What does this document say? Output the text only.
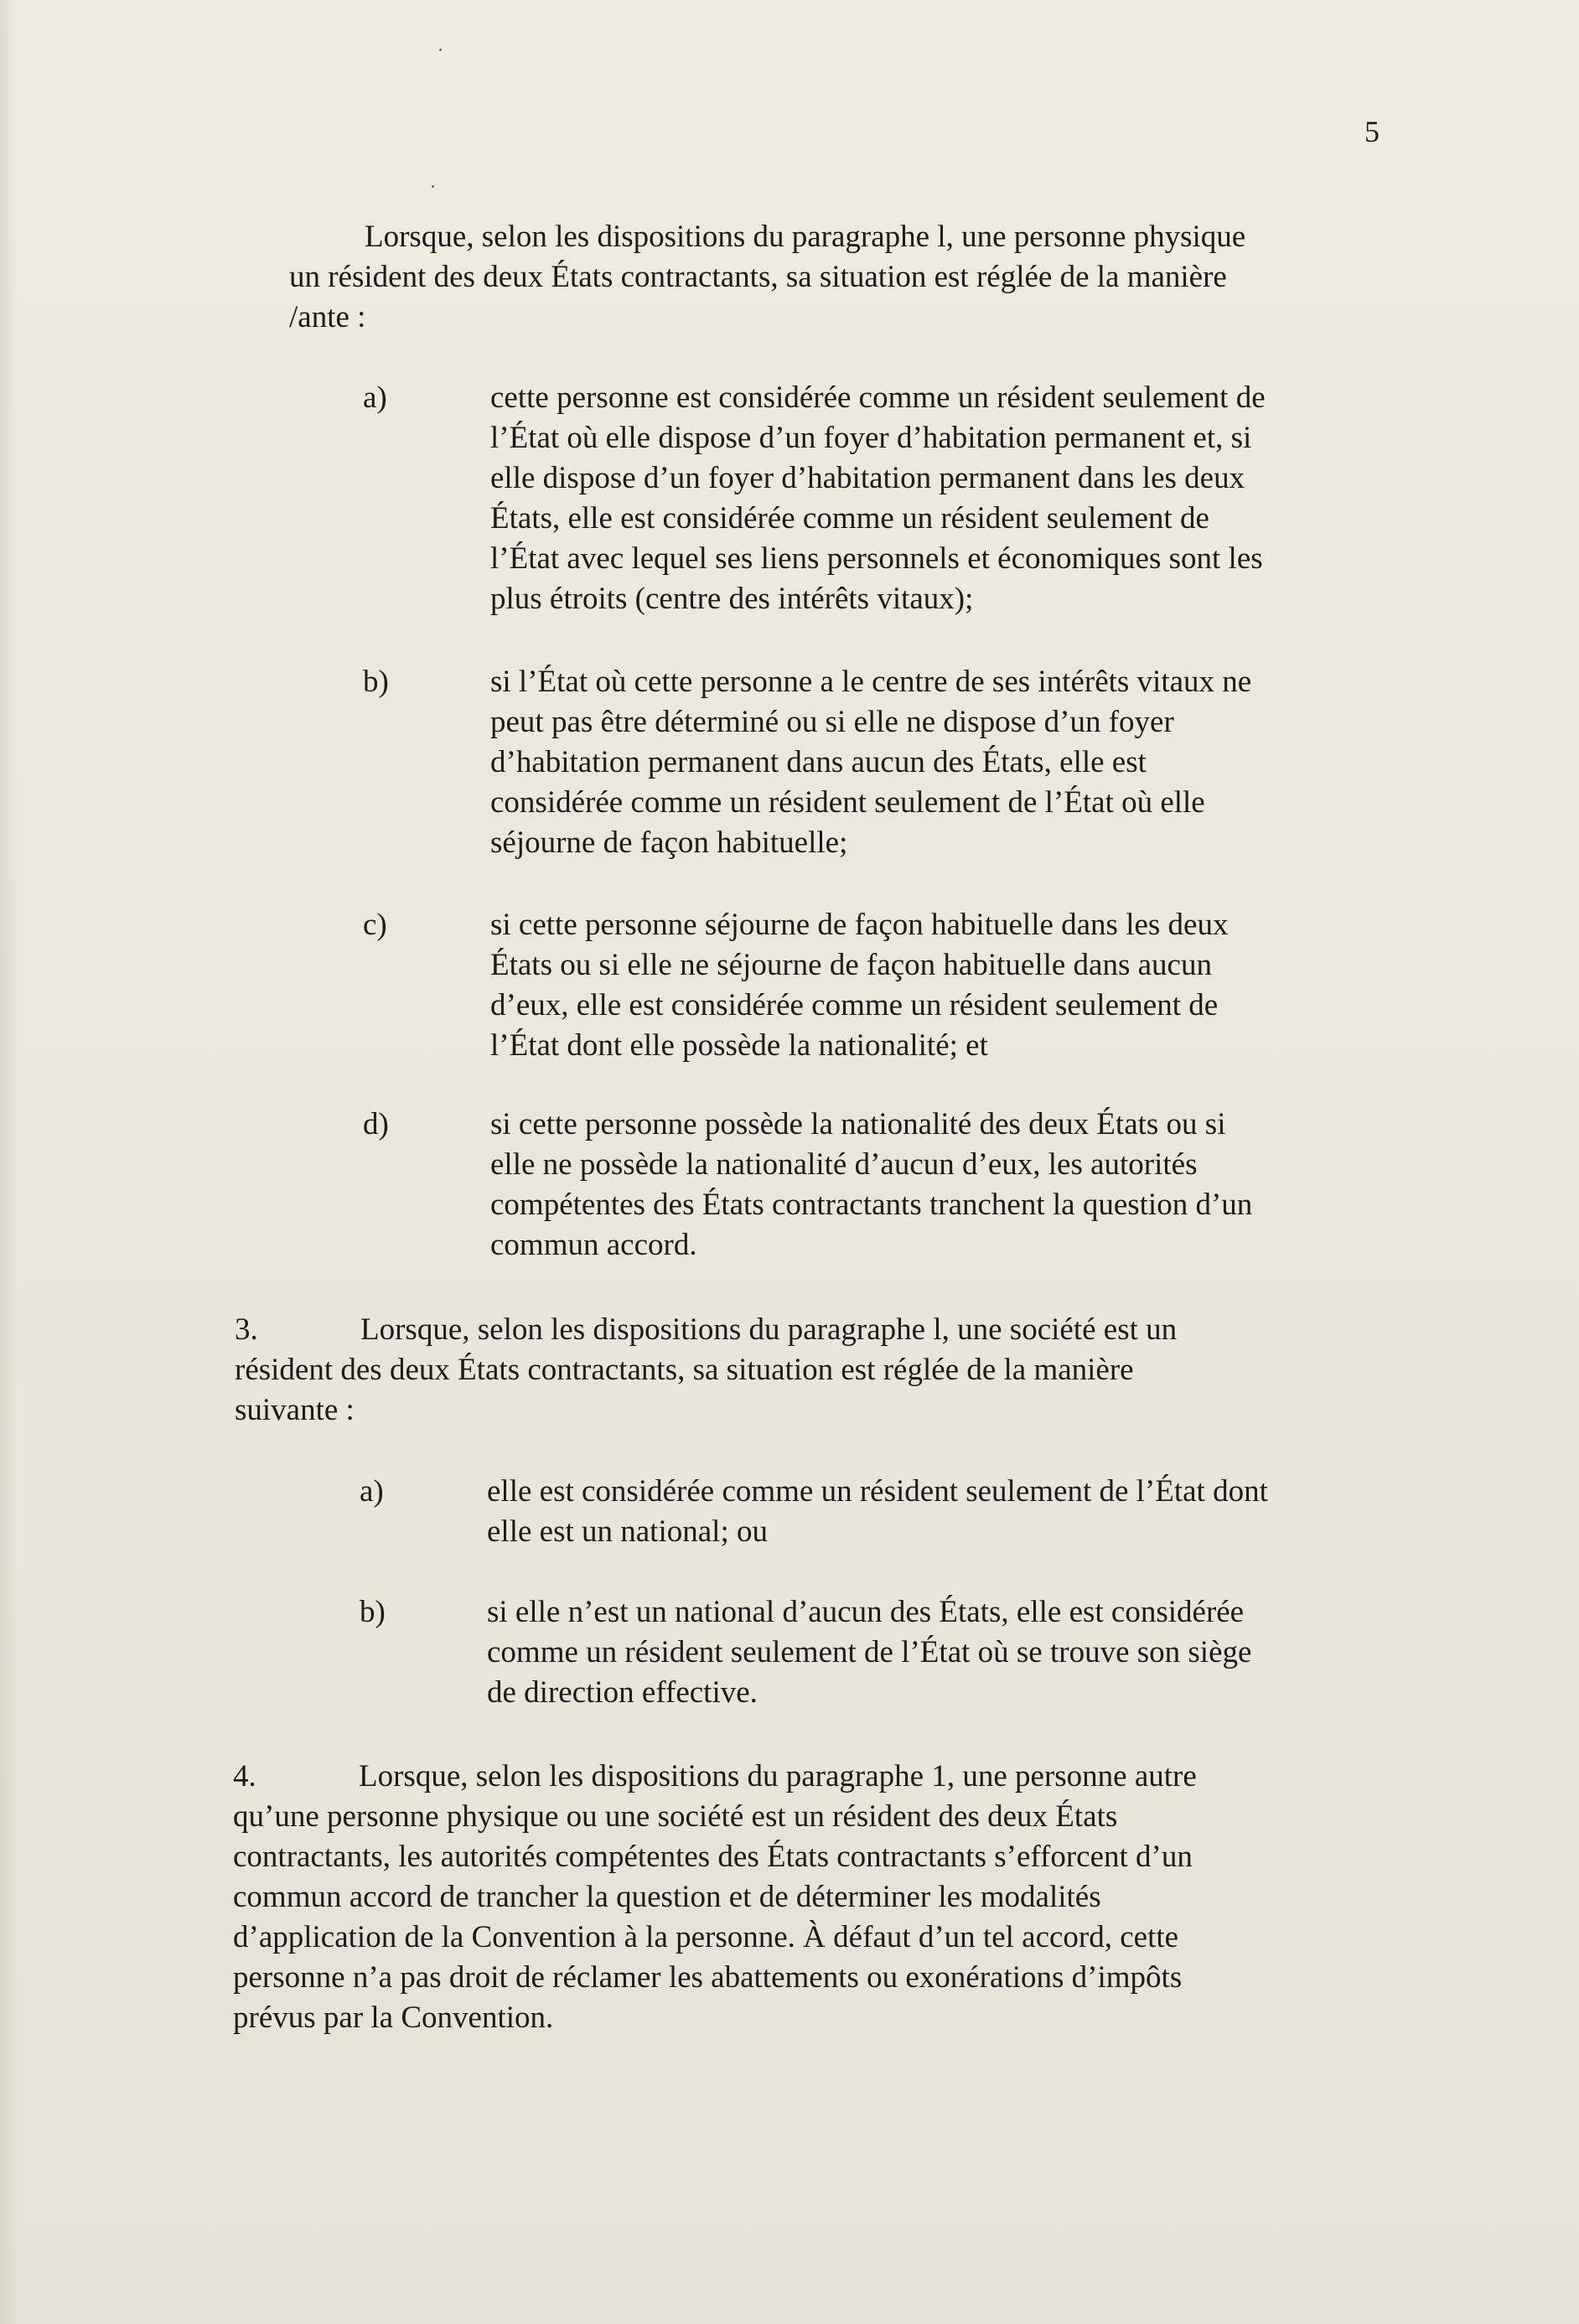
5
Lorsque, selon les dispositions du paragraphe l, une personne physique
un résident des deux États contractants, sa situation est réglée de la manière
/ante :
a)	cette personne est considérée comme un résident seulement de
l’État où elle dispose d’un foyer d’habitation permanent et, si
elle dispose d’un foyer d’habitation permanent dans les deux
États, elle est considérée comme un résident seulement de
l’État avec lequel ses liens personnels et économiques sont les
plus étroits (centre des intérêts vitaux);
b)	si l’État où cette personne a le centre de ses intérêts vitaux ne
peut pas être déterminé ou si elle ne dispose d’un foyer
d’habitation permanent dans aucun des États, elle est
considérée comme un résident seulement de l’État où elle
séjourne de façon habituelle;
c)	si cette personne séjourne de façon habituelle dans les deux
États ou si elle ne séjourne de façon habituelle dans aucun
d’eux, elle est considérée comme un résident seulement de
l’État dont elle possède la nationalité; et
d)	si cette personne possède la nationalité des deux États ou si
elle ne possède la nationalité d’aucun d’eux, les autorités
compétentes des États contractants tranchent la question d’un
commun accord.
3.	Lorsque, selon les dispositions du paragraphe l, une société est un
résident des deux États contractants, sa situation est réglée de la manière
suivante :
a)	elle est considérée comme un résident seulement de l’État dont
elle est un national; ou
b)	si elle n’est un national d’aucun des États, elle est considérée
comme un résident seulement de l’État où se trouve son siège
de direction effective.
4.	Lorsque, selon les dispositions du paragraphe 1, une personne autre
qu’une personne physique ou une société est un résident des deux États
contractants, les autorités compétentes des États contractants s’efforcent d’un
commun accord de trancher la question et de déterminer les modalités
d’application de la Convention à la personne. À défaut d’un tel accord, cette
personne n’a pas droit de réclamer les abattements ou exonérations d’impôts
prévus par la Convention.
